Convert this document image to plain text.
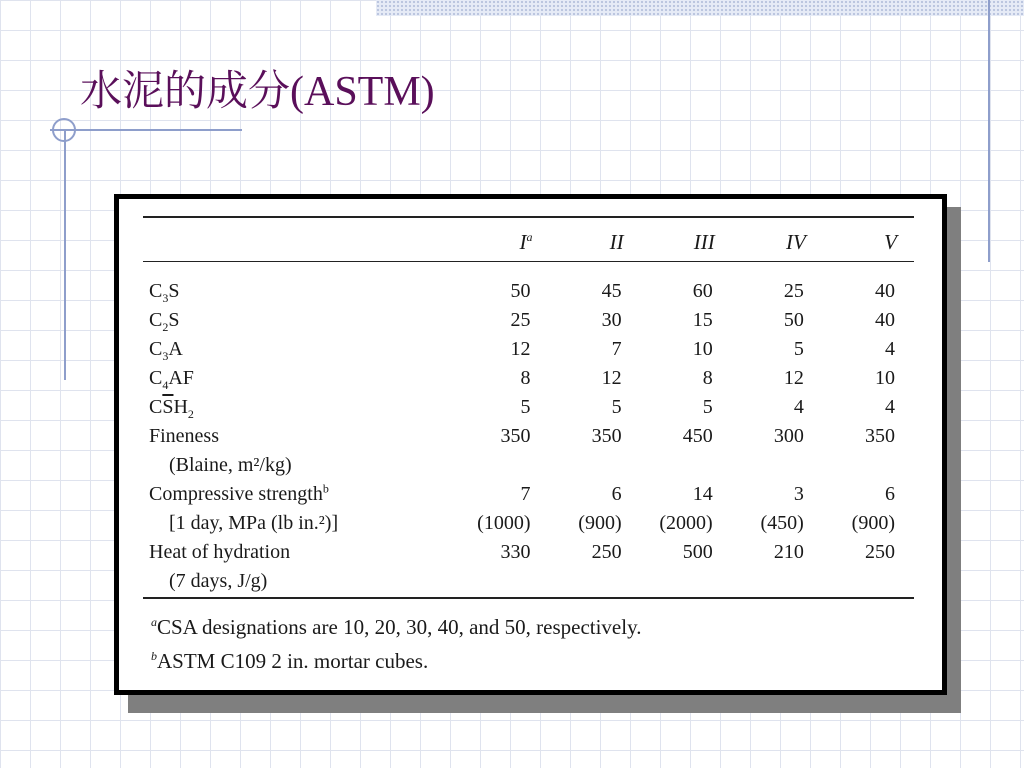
水泥的成分(ASTM)
	$I^a$	II	III	IV	V
$C_3S$	50	45	60	25	40
$C_2S$	25	30	15	50	40
$C_3A$	12	7	10	5	4
$C_4AF$	8	12	8	12	10
$C\overline{S}H_2$	5	5	5	4	4
Fineness	350	350	450	300	350
(Blaine, m²/kg)					
Compressive strength$^b$	7	6	14	3	6
[1 day, MPa (lb in.²)]	(1000)	(900)	(2000)	(450)	(900)
Heat of hydration	330	250	500	210	250
(7 days, J/g)					

$^a$CSA designations are 10, 20, 30, 40, and 50, respectively.

$^b$ASTM C109 2 in. mortar cubes.
